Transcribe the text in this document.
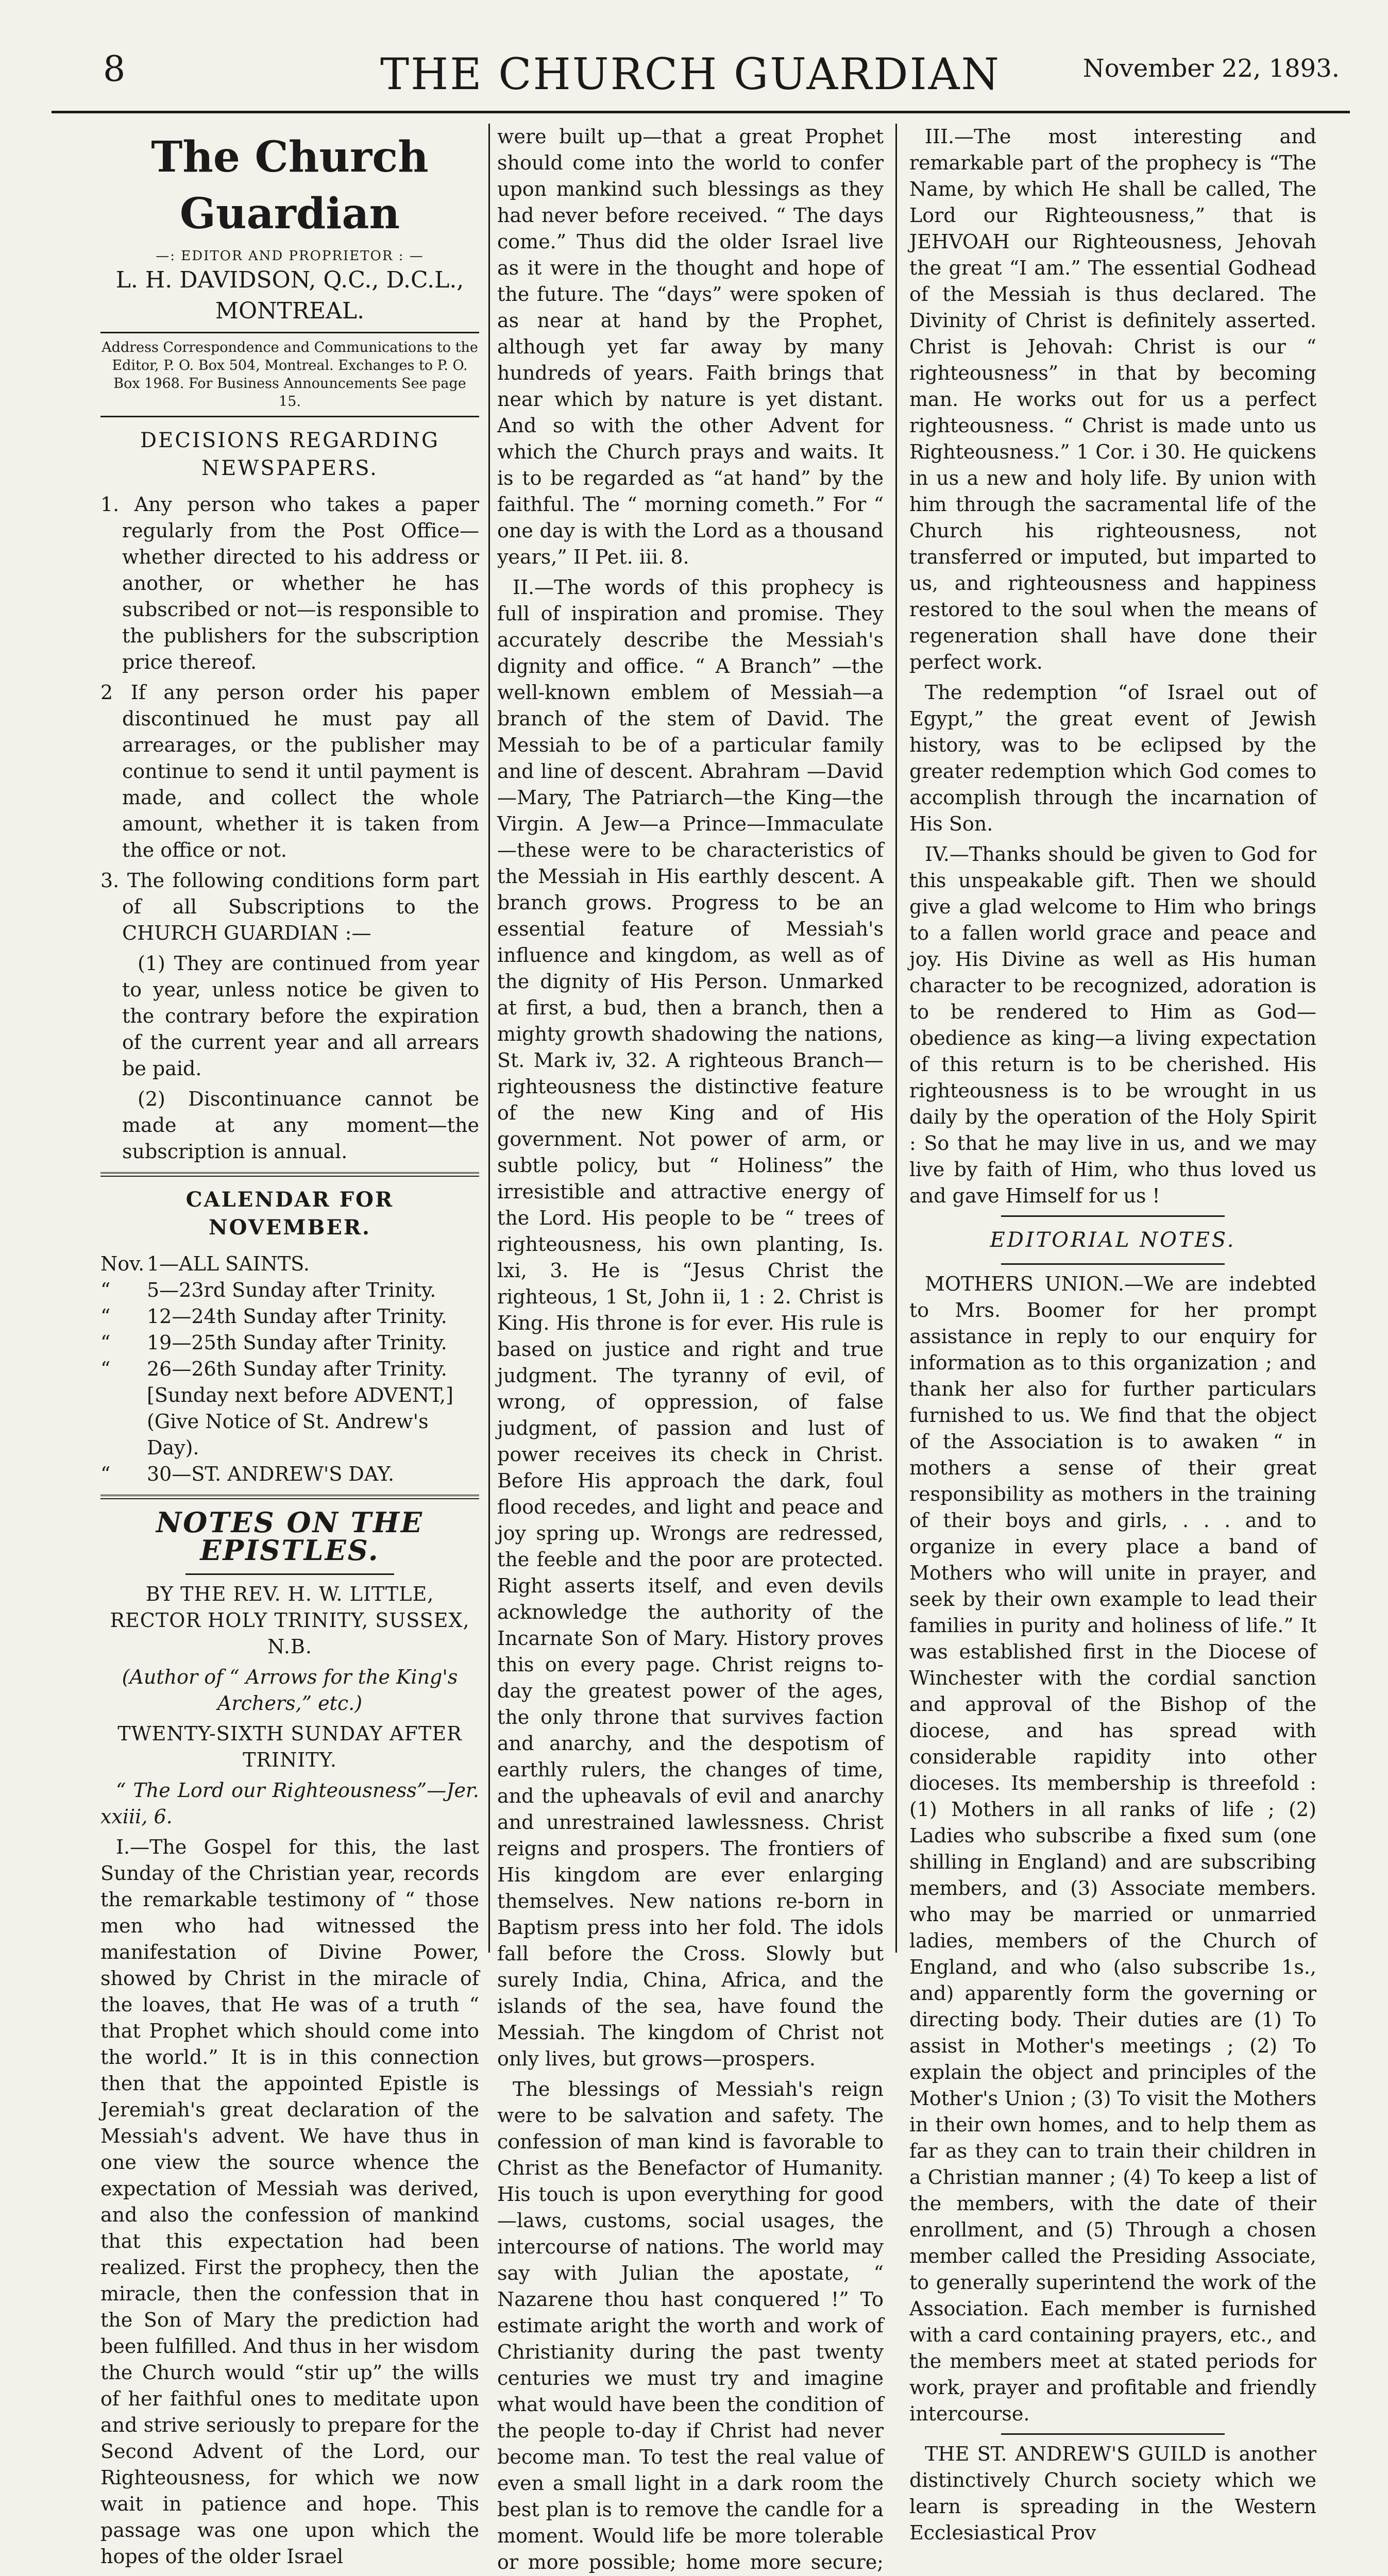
8	THE CHURCH GUARDIAN	November 22, 1893.
The Church Guardian
—: EDITOR AND PROPRIETOR : —
L. H. DAVIDSON, Q.C., D.C.L., MONTREAL.
Address Correspondence and Communications to the Editor, P. O. Box 504, Montreal. Exchanges to P. O. Box 1968. For Business Announcements See page 15.
DECISIONS REGARDING NEWSPAPERS.
1. Any person who takes a paper regularly from the Post Office—whether directed to his address or another, or whether he has subscribed or not—is responsible to the publishers for the subscription price thereof.
2 If any person order his paper discontinued he must pay all arrearages, or the publisher may continue to send it until payment is made, and collect the whole amount, whether it is taken from the office or not.
3. The following conditions form part of all Subscriptions to the CHURCH GUARDIAN :—

(1) They are continued from year to year, unless notice be given to the contrary before the expiration of the current year and all arrears be paid.

(2) Discontinuance cannot be made at any moment—the subscription is annual.

CALENDAR FOR NOVEMBER.
Nov. 1—ALL SAINTS.
“	5—23rd Sunday after Trinity.
“	12—24th Sunday after Trinity.
“	19—25th Sunday after Trinity.
“	26—26th Sunday after Trinity. [Sunday next before ADVENT,] (Give Notice of St. Andrew's Day).
“	30—ST. ANDREW'S DAY.
NOTES ON THE EPISTLES.

BY THE REV. H. W. LITTLE, RECTOR HOLY TRINITY, SUSSEX, N.B.

(Author of “ Arrows for the King's Archers,” etc.)

TWENTY-SIXTH SUNDAY AFTER TRINITY.

“ The Lord our Righteousness”—Jer. xxiii, 6.

I.—The Gospel for this, the last Sunday of the Christian year, records the remarkable testimony of “ those men who had witnessed the manifestation of Divine Power, showed by Christ in the miracle of the loaves, that He was of a truth “ that Prophet which should come into the world.” It is in this connection then that the appointed Epistle is Jeremiah's great declaration of the Messiah's advent. We have thus in one view the source whence the expectation of Messiah was derived, and also the confession of mankind that this expectation had been realized. First the prophecy, then the miracle, then the confession that in the Son of Mary the prediction had been fulfilled. And thus in her wisdom the Church would “stir up” the wills of her faithful ones to meditate upon and strive seriously to prepare for the Second Advent of the Lord, our Righteousness, for which we now wait in patience and hope. This passage was one upon which the hopes of the older Israel

were built up—that a great Prophet should come into the world to confer upon mankind such blessings as they had never before received. “ The days come.” Thus did the older Israel live as it were in the thought and hope of the future. The “days” were spoken of as near at hand by the Prophet, although yet far away by many hundreds of years. Faith brings that near which by nature is yet distant. And so with the other Advent for which the Church prays and waits. It is to be regarded as “at hand” by the faithful. The “ morning cometh.” For “ one day is with the Lord as a thousand years,” II Pet. iii. 8.

II.—The words of this prophecy is full of inspiration and promise. They accurately describe the Messiah's dignity and office. “ A Branch” —the well-known emblem of Messiah—a branch of the stem of David. The Messiah to be of a particular family and line of descent. Abrahram —David—Mary, The Patriarch—the King—the Virgin. A Jew—a Prince—Immaculate—these were to be characteristics of the Messiah in His earthly descent. A branch grows. Progress to be an essential feature of Messiah's influence and kingdom, as well as of the dignity of His Person. Unmarked at first, a bud, then a branch, then a mighty growth shadowing the nations, St. Mark iv, 32. A righteous Branch—righteousness the distinctive feature of the new King and of His government. Not power of arm, or subtle policy, but “ Holiness” the irresistible and attractive energy of the Lord. His people to be “ trees of righteousness, his own planting, Is. lxi, 3. He is “Jesus Christ the righteous, 1 St, John ii, 1 : 2. Christ is King. His throne is for ever. His rule is based on justice and right and true judgment. The tyranny of evil, of wrong, of oppression, of false judgment, of passion and lust of power receives its check in Christ. Before His approach the dark, foul flood recedes, and light and peace and joy spring up. Wrongs are redressed, the feeble and the poor are protected. Right asserts itself, and even devils acknowledge the authority of the Incarnate Son of Mary. History proves this on every page. Christ reigns to-day the greatest power of the ages, the only throne that survives faction and anarchy, and the despotism of earthly rulers, the changes of time, and the upheavals of evil and anarchy and unrestrained lawlessness. Christ reigns and prospers. The frontiers of His kingdom are ever enlarging themselves. New nations re-born in Baptism press into her fold. The idols fall before the Cross. Slowly but surely India, China, Africa, and the islands of the sea, have found the Messiah. The kingdom of Christ not only lives, but grows—prospers.

The blessings of Messiah's reign were to be salvation and safety. The confession of man kind is favorable to Christ as the Benefactor of Humanity. His touch is upon everything for good—laws, customs, social usages, the intercourse of nations. The world may say with Julian the apostate, “ Nazarene thou hast conquered !” To estimate aright the worth and work of Christianity during the past twenty centuries we must try and imagine what would have been the condition of the people to-day if Christ had never become man. To test the real value of even a small light in a dark room the best plan is to remove the candle for a moment. Would life be more tolerable or more possible; home more secure;

III.—The most interesting and remarkable part of the prophecy is “The Name, by which He shall be called, The Lord our Righteousness,” that is JEHVOAH our Righteousness, Jehovah the great “I am.” The essential Godhead of the Messiah is thus declared. The Divinity of Christ is definitely asserted. Christ is Jehovah: Christ is our “ righteousness” in that by becoming man. He works out for us a perfect righteousness. “ Christ is made unto us Righteousness.” 1 Cor. i 30. He quickens in us a new and holy life. By union with him through the sacramental life of the Church his righteousness, not transferred or imputed, but imparted to us, and righteousness and happiness restored to the soul when the means of regeneration shall have done their perfect work.

The redemption “of Israel out of Egypt,” the great event of Jewish history, was to be eclipsed by the greater redemption which God comes to accomplish through the incarnation of His Son.

IV.—Thanks should be given to God for this unspeakable gift. Then we should give a glad welcome to Him who brings to a fallen world grace and peace and joy. His Divine as well as His human character to be recognized, adoration is to be rendered to Him as God—obedience as king—a living expectation of this return is to be cherished. His righteousness is to be wrought in us daily by the operation of the Holy Spirit : So that he may live in us, and we may live by faith of Him, who thus loved us and gave Himself for us !

EDITORIAL NOTES.

MOTHERS UNION.—We are indebted to Mrs. Boomer for her prompt assistance in reply to our enquiry for information as to this organization ; and thank her also for further particulars furnished to us. We find that the object of the Association is to awaken “ in mothers a sense of their great responsibility as mothers in the training of their boys and girls, . . . and to organize in every place a band of Mothers who will unite in prayer, and seek by their own example to lead their families in purity and holiness of life.” It was established first in the Diocese of Winchester with the cordial sanction and approval of the Bishop of the diocese, and has spread with considerable rapidity into other dioceses. Its membership is threefold : (1) Mothers in all ranks of life ; (2) Ladies who subscribe a fixed sum (one shilling in England) and are subscribing members, and (3) Associate members. who may be married or unmarried ladies, members of the Church of England, and who (also subscribe 1s., and) apparently form the governing or directing body. Their duties are (1) To assist in Mother's meetings ; (2) To explain the object and principles of the Mother's Union ; (3) To visit the Mothers in their own homes, and to help them as far as they can to train their children in a Christian manner ; (4) To keep a list of the members, with the date of their enrollment, and (5) Through a chosen member called the Presiding Associate, to generally superintend the work of the Association. Each member is furnished with a card containing prayers, etc., and the members meet at stated periods for work, prayer and profitable and friendly intercourse.

THE ST. ANDREW'S GUILD is another distinctively Church society which we learn is spreading in the Western Ecclesiastical Prov
